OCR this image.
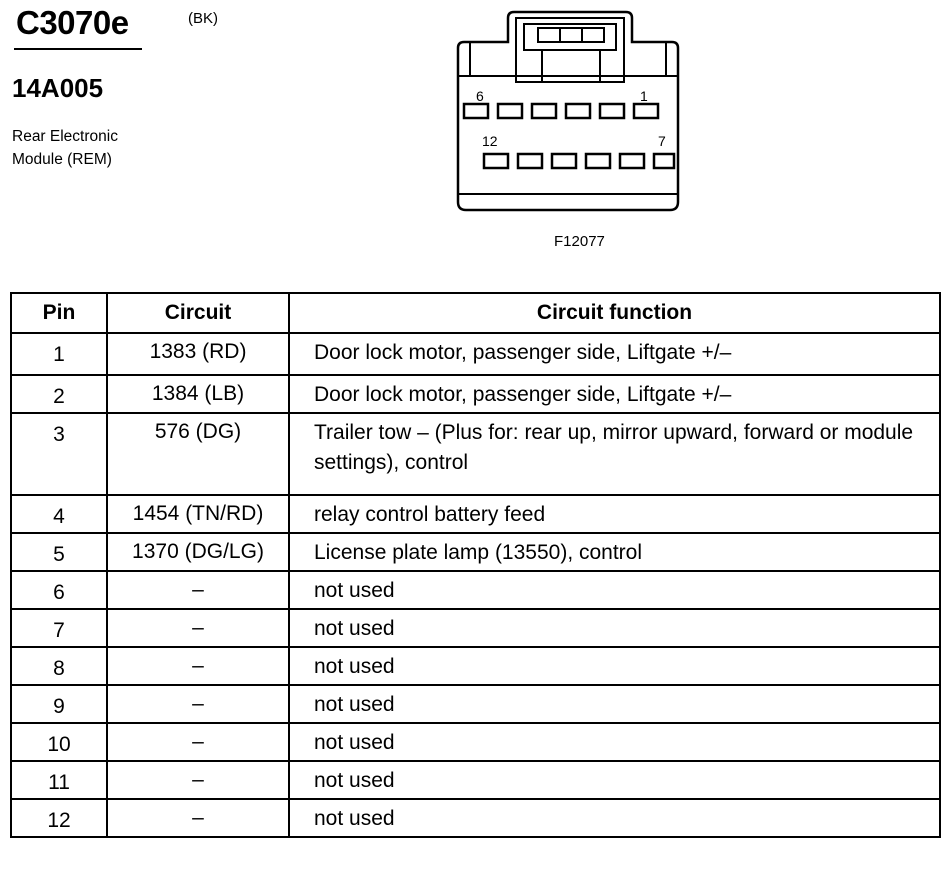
C3070e	(BK)
14A005
Rear Electronic Module (REM)
6	1
12	7
F12077
Pin	Circuit	Circuit function
1	1383 (RD)	Door lock motor, passenger side, Liftgate +/–
2	1384 (LB)	Door lock motor, passenger side, Liftgate +/–
3	576 (DG)	Trailer tow – (Plus for: rear up, mirror upward, forward or module settings), control
4	1454 (TN/RD)	relay control battery feed
5	1370 (DG/LG)	License plate lamp (13550), control
6	–	not used
7	–	not used
8	–	not used
9	–	not used
10	–	not used
11	–	not used
12	–	not used
